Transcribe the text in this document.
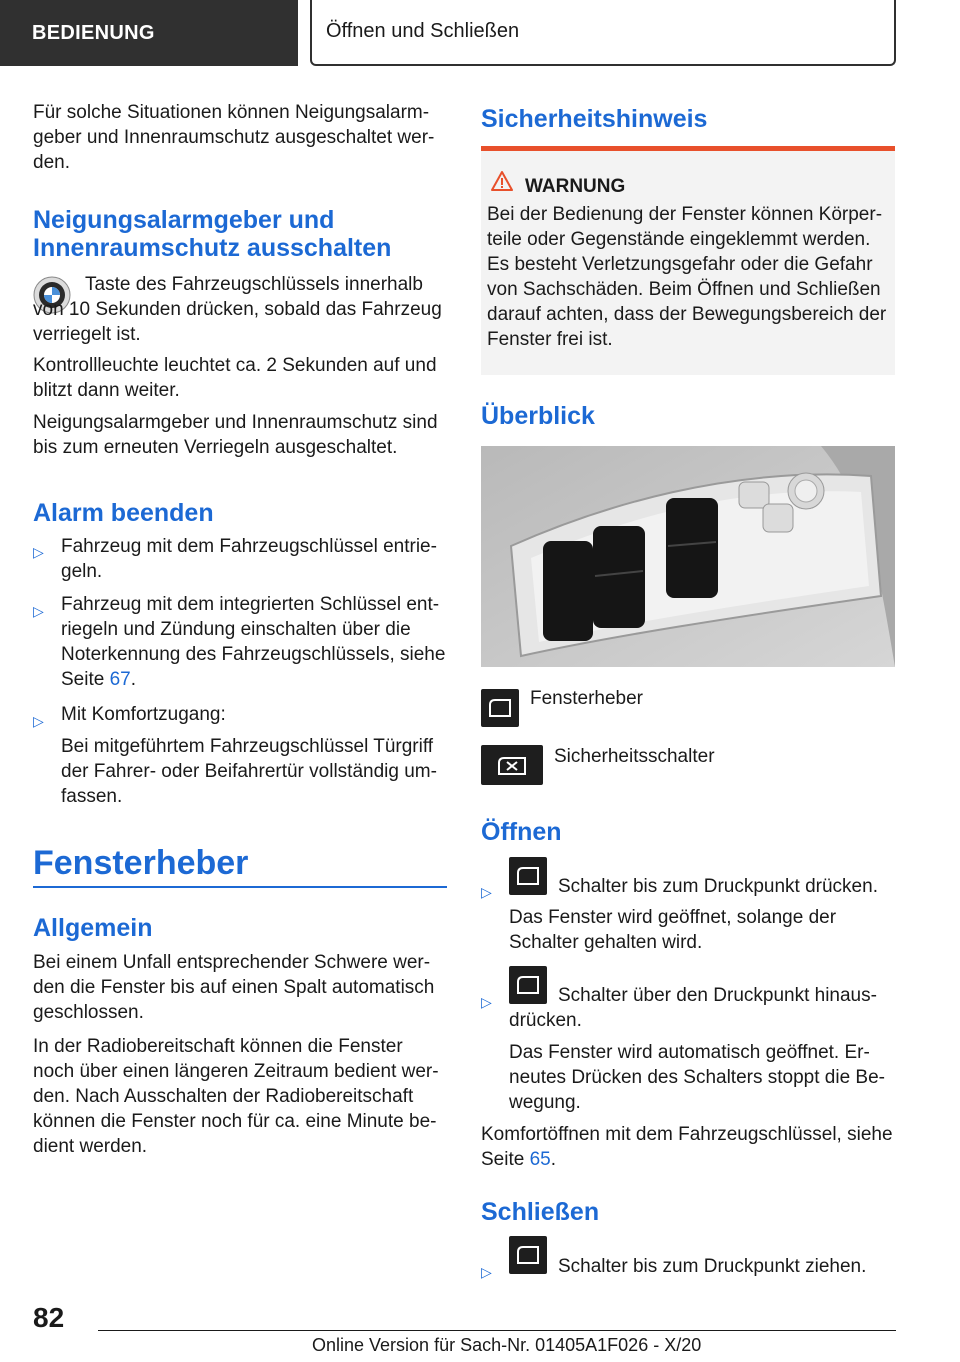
BEDIENUNG	Öffnen und Schließen

Für solche Situationen können Neigungsalarmgeber und Innenraumschutz ausgeschaltet werden.

Neigungsalarmgeber und Innenraumschutz ausschalten

Taste des Fahrzeugschlüssels innerhalb von 10 Sekunden drücken, sobald das Fahrzeug verriegelt ist.

Kontrollleuchte leuchtet ca. 2 Sekunden auf und blitzt dann weiter.

Neigungsalarmgeber und Innenraumschutz sind bis zum erneuten Verriegeln ausgeschaltet.

Alarm beenden
▷ Fahrzeug mit dem Fahrzeugschlüssel entriegeln.

▷ Fahrzeug mit dem integrierten Schlüssel entriegeln und Zündung einschalten über die Noterkennung des Fahrzeugschlüssels, siehe Seite 67.

▷ Mit Komfortzugang:

Bei mitgeführtem Fahrzeugschlüssel Türgriff der Fahrer- oder Beifahrertür vollständig umfassen.

Fensterheber
Allgemein

Bei einem Unfall entsprechender Schwere werden die Fenster bis auf einen Spalt automatisch geschlossen.

In der Radiobereitschaft können die Fenster noch über einen längeren Zeitraum bedient werden. Nach Ausschalten der Radiobereitschaft können die Fenster noch für ca. eine Minute bedient werden.

Sicherheitshinweis
WARNUNG

Bei der Bedienung der Fenster können Körperteile oder Gegenstände eingeklemmt werden. Es besteht Verletzungsgefahr oder die Gefahr von Sachschäden. Beim Öffnen und Schließen darauf achten, dass der Bewegungsbereich der Fenster frei ist.

Überblick

Fensterheber

Sicherheitsschalter

Öffnen
▷	Schalter bis zum Druckpunkt drücken.

Das Fenster wird geöffnet, solange der Schalter gehalten wird.

▷	Schalter über den Druckpunkt hinausdrücken.

Das Fenster wird automatisch geöffnet. Erneutes Drücken des Schalters stoppt die Bewegung.

Komfortöffnen mit dem Fahrzeugschlüssel, siehe Seite 65.

Schließen
▷	Schalter bis zum Druckpunkt ziehen.

82
Online Version für Sach-Nr. 01405A1F026 - X/20
